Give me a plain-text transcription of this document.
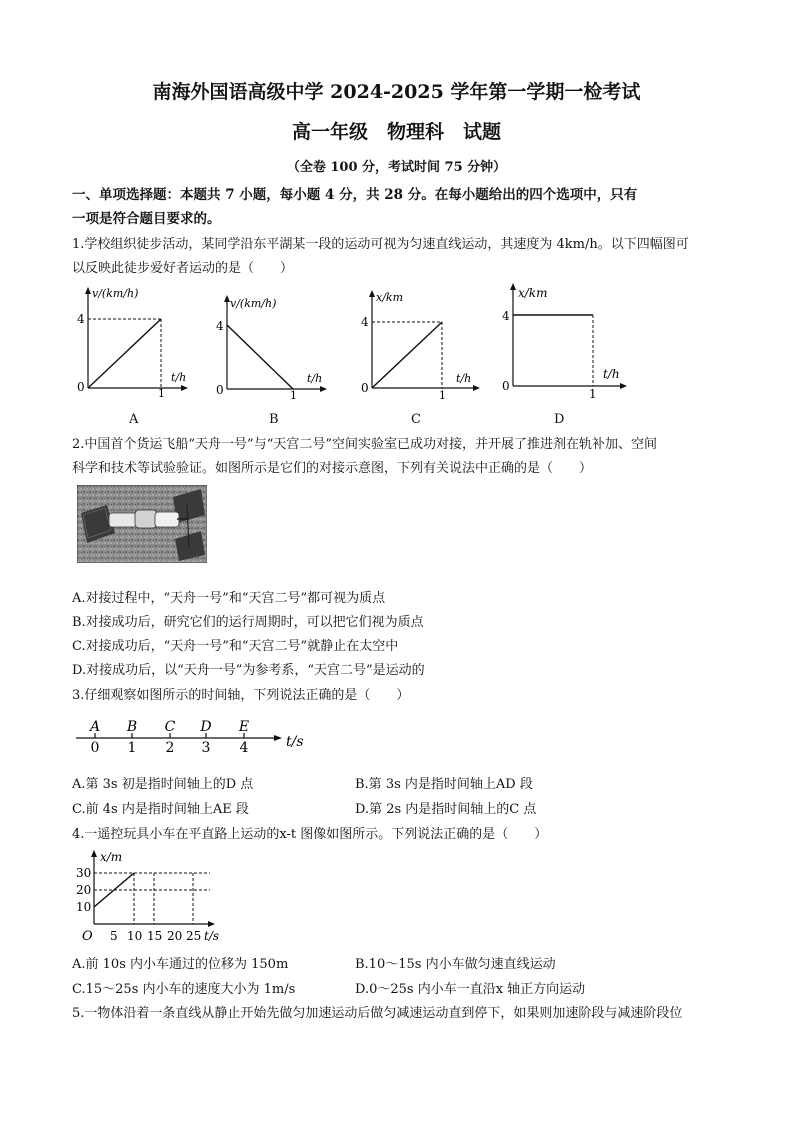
南海外国语高级中学 2024-2025 学年第一学期一检考试
高一年级　物理科　试题
（全卷 100 分，考试时间 75 分钟）
一、单项选择题：本题共 7 小题，每小题 4 分，共 28 分。在每小题给出的四个选项中，只有
一项是符合题目要求的。
1.学校组织徒步活动，某同学沿东平湖某一段的运动可视为匀速直线运动，其速度为 4km/h。以下四幅图可
以反映此徒步爱好者运动的是（　　）
v/(km/h)
4
0	1
t/h
A
v/(km/h)
4
0	1
t/h
B
x/km
4
0
1
t/h
C
x/km
4
0
1
t/h
D
2.中国首个货运飞船“天舟一号”与“天宫二号”空间实验室已成功对接，并开展了推进剂在轨补加、空间
科学和技术等试验验证。如图所示是它们的对接示意图，下列有关说法中正确的是（　　）
A.对接过程中，“天舟一号”和“天宫二号”都可视为质点
B.对接成功后，研究它们的运行周期时，可以把它们视为质点
C.对接成功后，“天舟一号”和“天宫二号”就静止在太空中
D.对接成功后，以“天舟一号”为参考系，“天宫二号”是运动的
3.仔细观察如图所示的时间轴，下列说法正确的是（　　）
A B C D E
0 1 2 3 4	t/s
A.第 3s 初是指时间轴上的D 点	B.第 3s 内是指时间轴上AD 段
C.前 4s 内是指时间轴上AE 段	D.第 2s 内是指时间轴上的C 点
4.一遥控玩具小车在平直路上运动的x-t 图像如图所示。下列说法正确的是（　　）
x/m
30
20
10
O 5 10 15 20 25 t/s
A.前 10s 内小车通过的位移为 150m	B.10～15s 内小车做匀速直线运动
C.15～25s 内小车的速度大小为 1m/s	D.0～25s 内小车一直沿x 轴正方向运动
5.一物体沿着一条直线从静止开始先做匀加速运动后做匀减速运动直到停下，如果则加速阶段与减速阶段位
